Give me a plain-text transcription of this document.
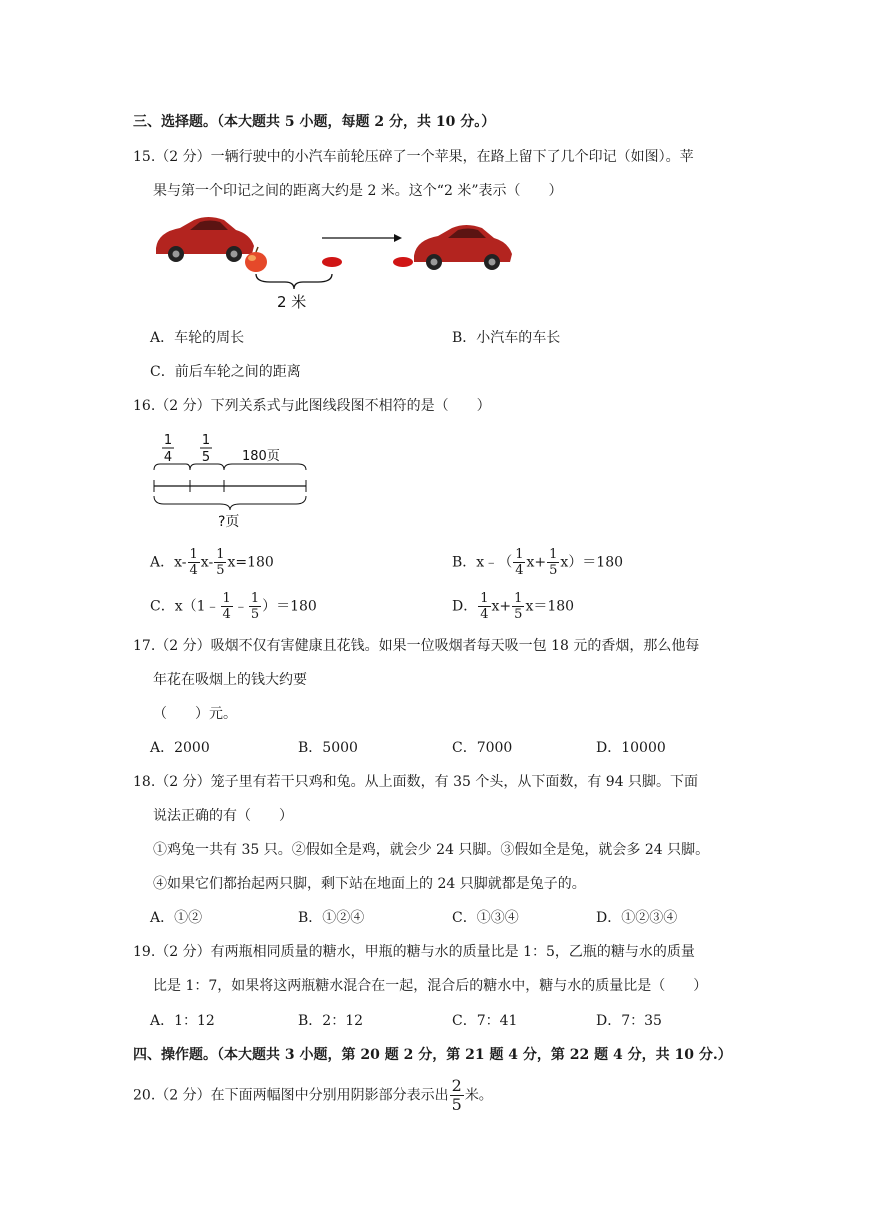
三、选择题。（本大题共 5 小题，每题 2 分，共 10 分。）
15.（2 分）一辆行驶中的小汽车前轮压碎了一个苹果，在路上留下了几个印记（如图）。苹
果与第一个印记之间的距离大约是 2 米。这个“2 米”表示（　　）
2 米
A．车轮的周长	B．小汽车的车长
C．前后车轮之间的距离
16.（2 分）下列关系式与此图线段图不相符的是（　　）
1
4
1
5 180页
?页
A．$x- \frac{1}{4} x- \frac{1}{5} x=180$	B．x﹣（ $\frac{1}{4} x+ \frac{1}{5} x)=180$
C．x（1﹣ $\frac{1}{4}$ ﹣ $\frac{1}{5} )=180$	D． $\frac{1}{4} x+ \frac{1}{5} x=180$
17.（2 分）吸烟不仅有害健康且花钱。如果一位吸烟者每天吸一包 18 元的香烟，那么他每
年花在吸烟上的钱大约要
（　　）元。
A．2000	B．5000	C．7000	D．10000
18.（2 分）笼子里有若干只鸡和兔。从上面数，有 35 个头，从下面数，有 94 只脚。下面
说法正确的有（　　）
①鸡兔一共有 35 只。②假如全是鸡，就会少 24 只脚。③假如全是兔，就会多 24 只脚。
④如果它们都抬起两只脚，剩下站在地面上的 24 只脚就都是兔子的。
A．①②	B．①②④	C．①③④	D．①②③④
19.（2 分）有两瓶相同质量的糖水，甲瓶的糖与水的质量比是 1：5，乙瓶的糖与水的质量
比是 1：7，如果将这两瓶糖水混合在一起，混合后的糖水中，糖与水的质量比是（　　）
A．1：12	B．2：12	C．7：41	D．7：35
四、操作题。（本大题共 3 小题，第 20 题 2 分，第 21 题 4 分，第 22 题 4 分，共 10 分.）
20.（2 分）在下面两幅图中分别用阴影部分表示出 $\frac{2}{5}$ 米。
